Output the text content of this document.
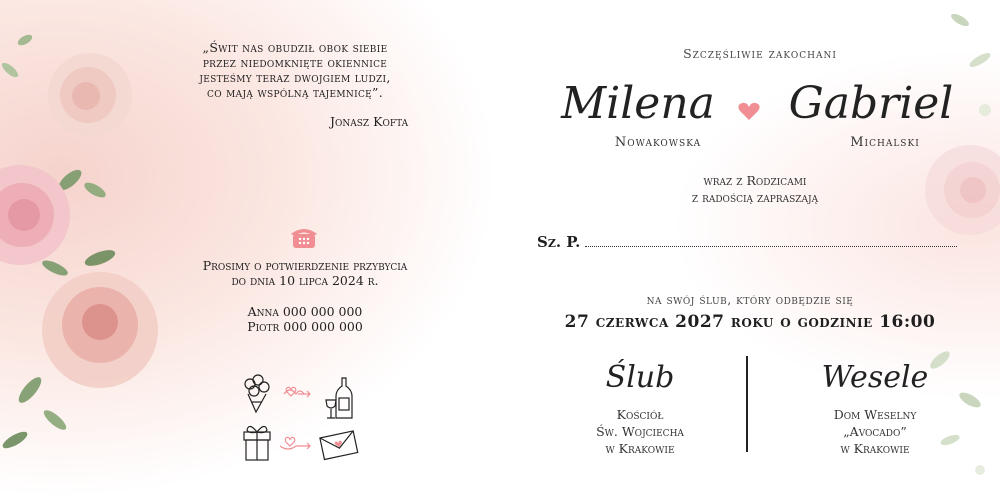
„Świt nas obudził obok siebie
przez niedomknięte okiennice
jesteśmy teraz dwojgiem ludzi,
co mają wspólną tajemnicę”.
Jonasz Kofta
Prosimy o potwierdzenie przybycia
do dnia 10 lipca 2024 r.
Anna 000 000 000
Piotr 000 000 000
Szczęśliwie zakochani
Milena Gabriel
Nowakowska	Michalski
wraz z Rodzicami
z radością zapraszają
Sz. P.
na swój ślub, który odbędzie się
27 czerwca 2027 roku o godzinie 16:00
Ślub	Wesele
Kościół
Św. Wojciecha
w Krakowie
Dom Weselny
„Avocado”
w Krakowie
